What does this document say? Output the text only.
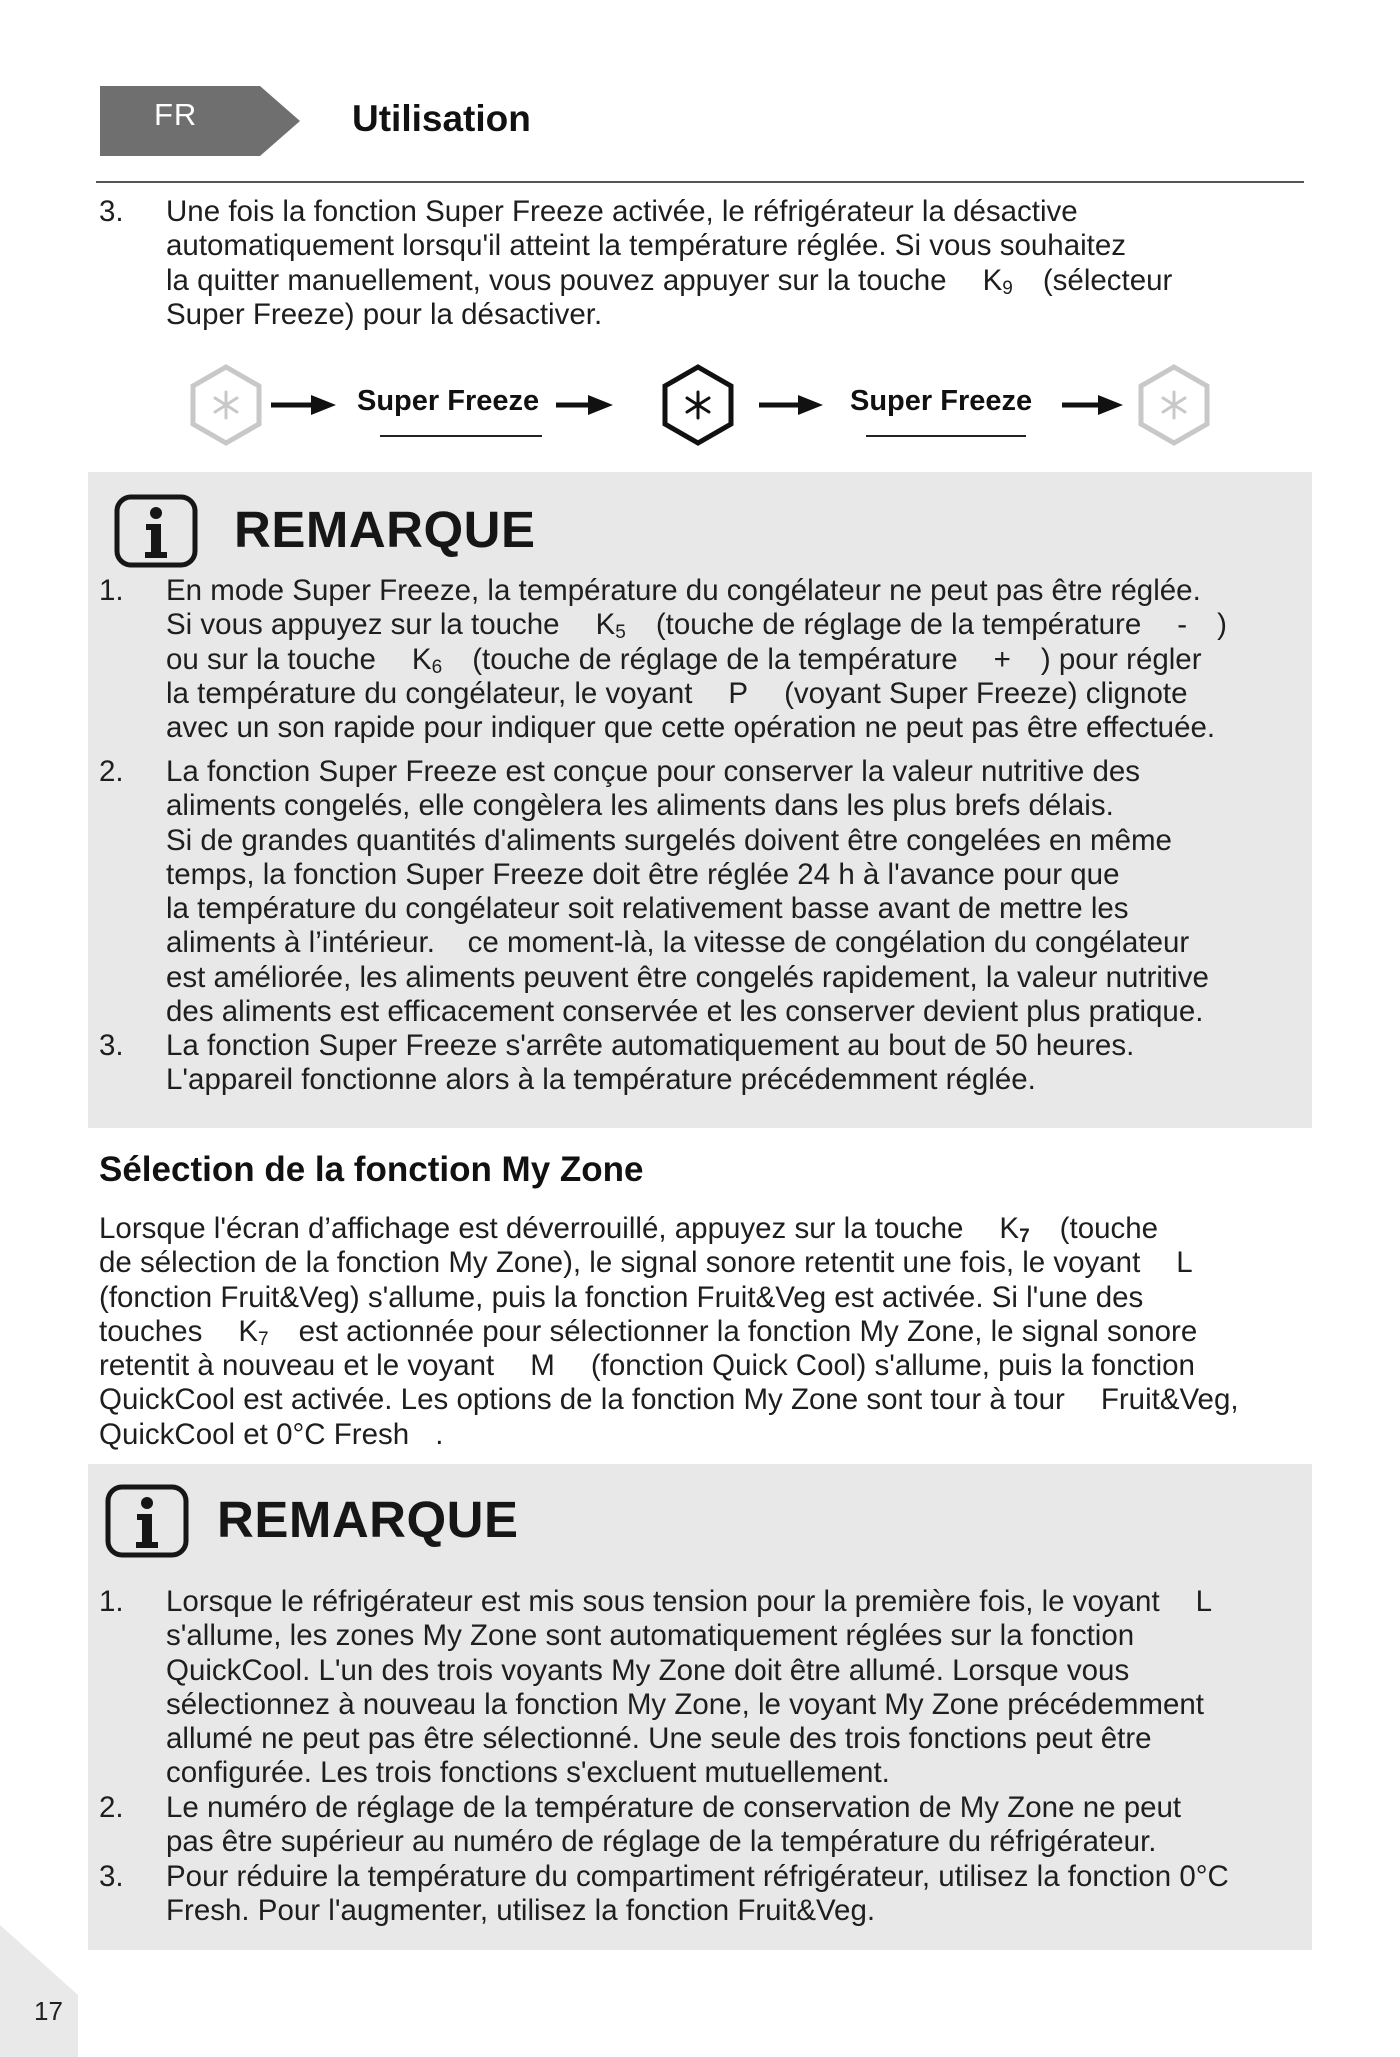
FR	Utilisation
3. Une fois la fonction Super Freeze activée, le réfrigérateur la désactive
automatiquement lorsqu'il atteint la température réglée. Si vous souhaitez
la quitter manuellement, vous pouvez appuyer sur la touche $K_9$ (sélecteur
Super Freeze) pour la désactiver.
Super Freeze	Super Freeze
REMARQUE
1. En mode Super Freeze, la température du congélateur ne peut pas être réglée.
Si vous appuyez sur la touche $K_5$ (touche de réglage de la température - )
ou sur la touche $K_6$ (touche de réglage de la température + ) pour régler
la température du congélateur, le voyant P (voyant Super Freeze) clignote
avec un son rapide pour indiquer que cette opération ne peut pas être effectuée.
2. La fonction Super Freeze est conçue pour conserver la valeur nutritive des
aliments congelés, elle congèlera les aliments dans les plus brefs délais.
Si de grandes quantités d'aliments surgelés doivent être congelées en même
temps, la fonction Super Freeze doit être réglée 24 h à l'avance pour que
la température du congélateur soit relativement basse avant de mettre les
aliments à l’intérieur.    ce moment-là, la vitesse de congélation du congélateur
est améliorée, les aliments peuvent être congelés rapidement, la valeur nutritive
des aliments est efficacement conservée et les conserver devient plus pratique.
3. La fonction Super Freeze s'arrête automatiquement au bout de 50 heures.
L'appareil fonctionne alors à la température précédemment réglée.
Sélection de la fonction My Zone
Lorsque l'écran d’affichage est déverrouillé, appuyez sur la touche $K_7$ (touche
de sélection de la fonction My Zone), le signal sonore retentit une fois, le voyant L
(fonction Fruit&Veg) s'allume, puis la fonction Fruit&Veg est activée. Si l'une des
touches $K_7$ est actionnée pour sélectionner la fonction My Zone, le signal sonore
retentit à nouveau et le voyant M (fonction Quick Cool) s'allume, puis la fonction
QuickCool est activée. Les options de la fonction My Zone sont tour à tour Fruit&Veg,
QuickCool et 0°C Fresh .
REMARQUE
1. Lorsque le réfrigérateur est mis sous tension pour la première fois, le voyant L
s'allume, les zones My Zone sont automatiquement réglées sur la fonction
QuickCool. L'un des trois voyants My Zone doit être allumé. Lorsque vous
sélectionnez à nouveau la fonction My Zone, le voyant My Zone précédemment
allumé ne peut pas être sélectionné. Une seule des trois fonctions peut être
configurée. Les trois fonctions s'excluent mutuellement.
2. Le numéro de réglage de la température de conservation de My Zone ne peut
pas être supérieur au numéro de réglage de la température du réfrigérateur.
3. Pour réduire la température du compartiment réfrigérateur, utilisez la fonction 0°C
Fresh. Pour l'augmenter, utilisez la fonction Fruit&Veg.
17
